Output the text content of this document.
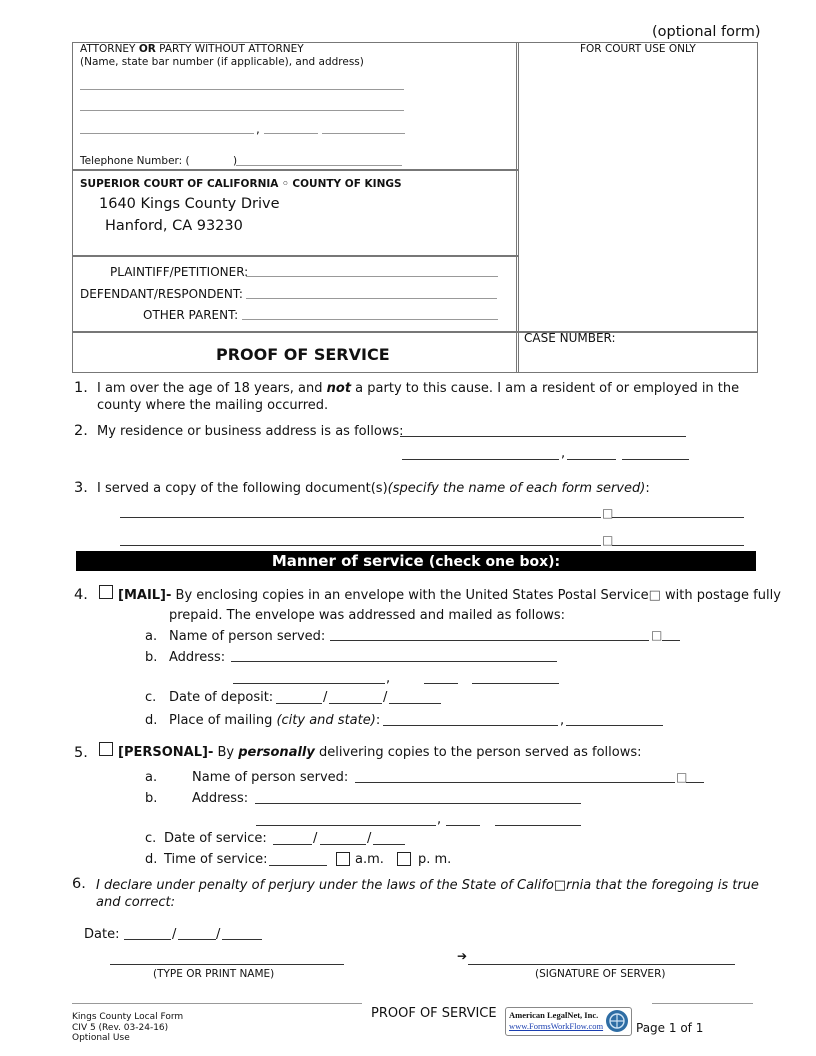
(optional form)
ATTORNEY OR PARTY WITHOUT ATTORNEY
(Name, state bar number (if applicable), and address)
,
Telephone Number: (	)
FOR COURT USE ONLY
SUPERIOR COURT OF CALIFORNIA ◦ COUNTY OF KINGS
1640 Kings County Drive
Hanford, CA 93230
PLAINTIFF/PETITIONER:
DEFENDANT/RESPONDENT:
OTHER PARENT:
PROOF OF SERVICE
CASE NUMBER:
1. I am over the age of 18 years, and not a party to this cause. I am a resident of or employed in the
county where the mailing occurred.
2. My residence or business address is as follows:
,
3. I served a copy of the following document(s)(specify the name of each form served):
□
□
Manner of service (check one box):
4. [MAIL]- By enclosing copies in an envelope with the United States Postal Service□ with postage fully
prepaid. The envelope was addressed and mailed as follows:
a. Name of person served:	□
b. Address:
,
c. Date of deposit:	/	/
d. Place of mailing (city and state):	,
5. [PERSONAL]- By personally delivering copies to the person served as follows:
a.	Name of person served:	□
b.	Address:
,
c. Date of service:	/	/
d. Time of service:	a.m.	p. m.
6. I declare under penalty of perjury under the laws of the State of Califo□rnia that the foregoing is true
and correct:
Date:	/	/
(TYPE OR PRINT NAME)
➔
(SIGNATURE OF SERVER)
Kings County Local Form
CIV 5 (Rev. 03-24-16)
Optional Use
PROOF OF SERVICE American LegalNet, Inc.
www.FormsWorkFlow.com	Page 1 of 1
